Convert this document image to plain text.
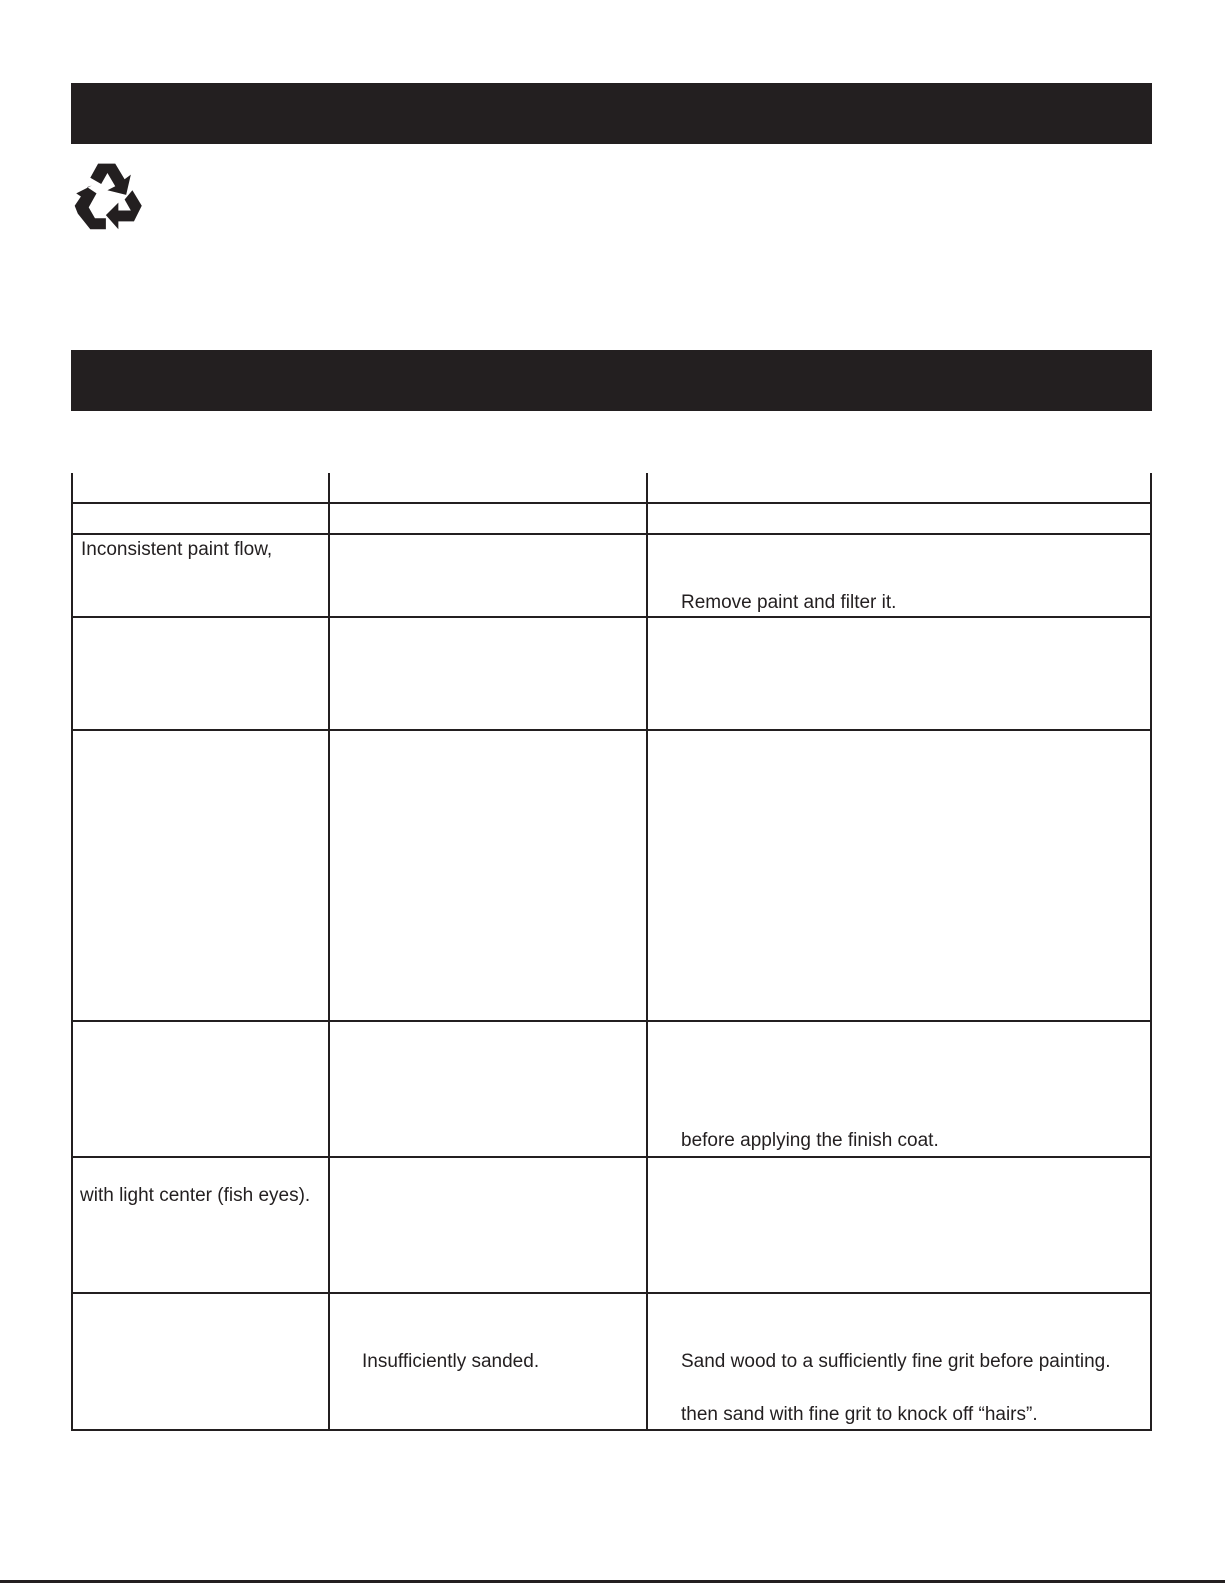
Inconsistent paint flow,
Remove paint and filter it.
before applying the finish coat.
with light center (fish eyes).
Insufficiently sanded.	Sand wood to a sufficiently fine grit before painting.
then sand with fine grit to knock off “hairs”.
